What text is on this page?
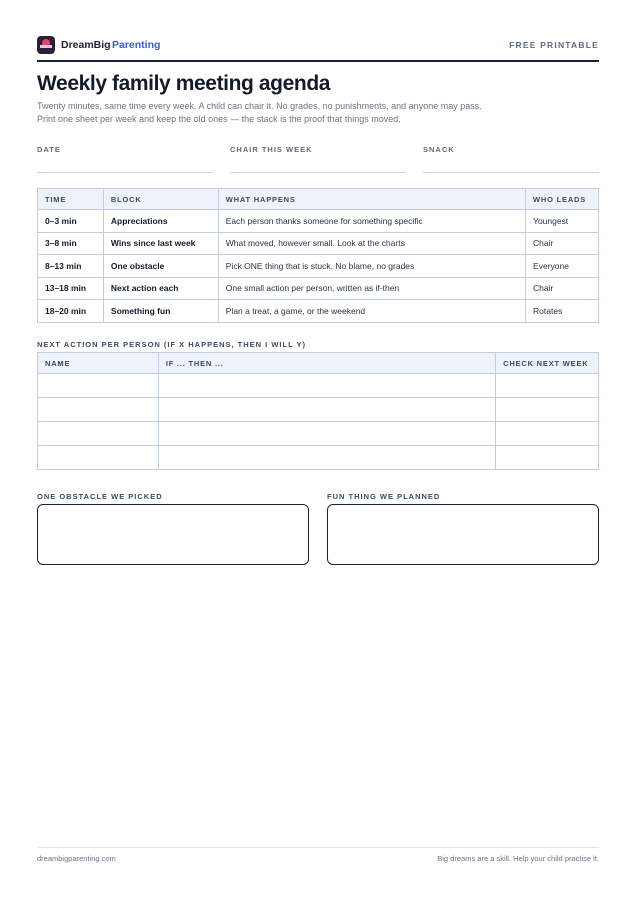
DreamBig Parenting	FREE PRINTABLE
Weekly family meeting agenda

Twenty minutes, same time every week. A child can chair it. No grades, no punishments, and anyone may pass. Print one sheet per week and keep the old ones — the stack is the proof that things moved.

DATE	CHAIR THIS WEEK	SNACK
TIME	BLOCK	WHAT HAPPENS	WHO LEADS
0–3 min	Appreciations	Each person thanks someone for something specific	Youngest
3–8 min	Wins since last week	What moved, however small. Look at the charts	Chair
8–13 min	One obstacle	Pick ONE thing that is stuck. No blame, no grades	Everyone
13–18 min	Next action each	One small action per person, written as if-then	Chair
18–20 min	Something fun	Plan a treat, a game, or the weekend	Rotates
NEXT ACTION PER PERSON (IF X HAPPENS, THEN I WILL Y)
NAME	IF ... THEN ...	CHECK NEXT WEEK

ONE OBSTACLE WE PICKED	FUN THING WE PLANNED
dreambigparenting.com	Big dreams are a skill. Help your child practise it.
